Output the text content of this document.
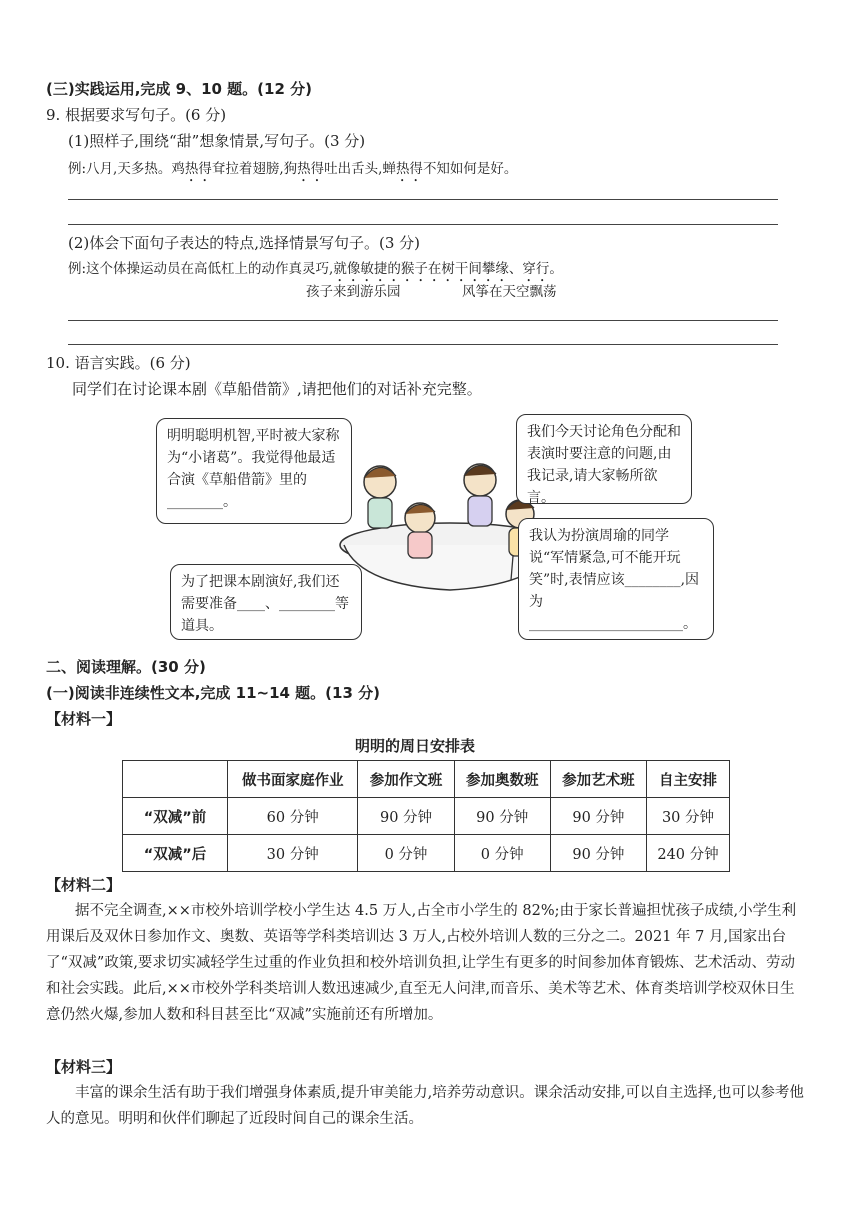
(三)实践运用,完成 9、10 题。(12 分)
9. 根据要求写句子。(6 分)
(1)照样子,围绕“甜”想象情景,写句子。(3 分)
例:八月,天多热。鸡热得耷拉着翅膀,狗热得吐出舌头,蝉热得不知如何是好。
(2)体会下面句子表达的特点,选择情景写句子。(3 分)
例:这个体操运动员在高低杠上的动作真灵巧,就像敏捷的猴子在树干间攀缘、穿行。
孩子来到游乐园	风筝在天空飘荡
10. 语言实践。(6 分)
同学们在讨论课本剧《草船借箭》,请把他们的对话补充完整。
明明聪明机智,平时被大家称为“小诸葛”。我觉得他最适合演《草船借箭》里的________。
我们今天讨论角色分配和表演时要注意的问题,由我记录,请大家畅所欲言。
为了把课本剧演好,我们还需要准备____、________等道具。
我认为扮演周瑜的同学说“军情紧急,可不能开玩笑”时,表情应该________,因为______________________。
二、阅读理解。(30 分)
(一)阅读非连续性文本,完成 11~14 题。(13 分)
【材料一】
明明的周日安排表
	做书面家庭作业	参加作文班	参加奥数班	参加艺术班	自主安排
“双减”前	60 分钟	90 分钟	90 分钟	90 分钟	30 分钟
“双减”后	30 分钟	0 分钟	0 分钟	90 分钟	240 分钟
【材料二】
据不完全调查,××市校外培训学校小学生达 4.5 万人,占全市小学生的 82%;由于家长普遍担忧孩子成绩,小学生利用课后及双休日参加作文、奥数、英语等学科类培训达 3 万人,占校外培训人数的三分之二。2021 年 7 月,国家出台了“双减”政策,要求切实减轻学生过重的作业负担和校外培训负担,让学生有更多的时间参加体育锻炼、艺术活动、劳动和社会实践。此后,××市校外学科类培训人数迅速减少,直至无人问津,而音乐、美术等艺术、体育类培训学校双休日生意仍然火爆,参加人数和科目甚至比“双减”实施前还有所增加。
【材料三】
丰富的课余生活有助于我们增强身体素质,提升审美能力,培养劳动意识。课余活动安排,可以自主选择,也可以参考他人的意见。明明和伙伴们聊起了近段时间自己的课余生活。
